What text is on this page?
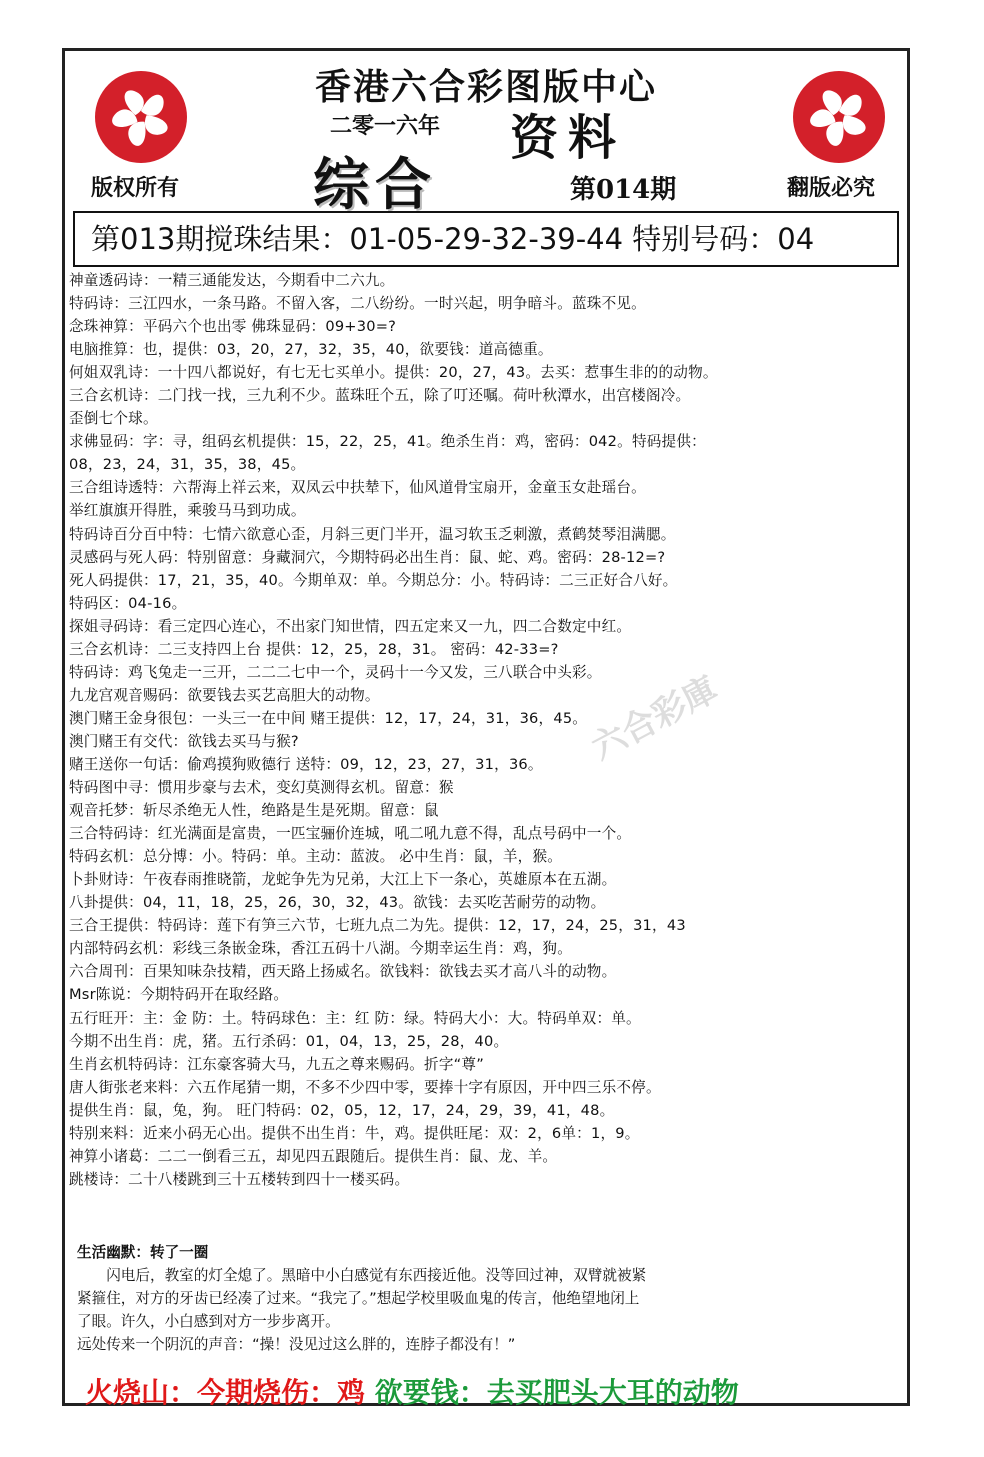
香港六合彩图版中心
二零一六年 资料
综合	第014期
版权所有	翻版必究
第013期搅珠结果：01-05-29-32-39-44 特别号码：04
神童透码诗：一精三通能发达，今期看中二六九。
特码诗：三江四水，一条马路。不留入客，二八纷纷。一时兴起，明争暗斗。蓝珠不见。
念珠神算：平码六个也出零 佛珠显码：09+30=?
电脑推算：也，提供：03，20，27，32，35，40，欲要钱：道高德重。
何姐双乳诗：一十四八都说好，有七无七买单小。提供：20，27，43。去买：惹事生非的的动物。
三合玄机诗：二门找一找，三九利不少。蓝珠旺个五，除了叮还嘱。荷叶秋潭水，出宫楼阁冷。
歪倒七个球。
求佛显码：字：寻，组码玄机提供：15，22，25，41。绝杀生肖：鸡，密码：042。特码提供：
08，23，24，31，35，38，45。
三合组诗透特：六帮海上祥云来，双凤云中扶辇下，仙风道骨宝扇开，金童玉女赴瑶台。
举红旗旗开得胜，乘骏马马到功成。
特码诗百分百中特：七情六欲意心歪，月斜三更门半开，温习软玉乏刺激，煮鹤焚琴泪满腮。
灵感码与死人码：特别留意：身藏洞穴，今期特码必出生肖：鼠、蛇、鸡。密码：28-12=?
死人码提供：17，21，35，40。今期单双：单。今期总分：小。特码诗：二三正好合八好。
特码区：04-16。
探姐寻码诗：看三定四心连心，不出家门知世情，四五定来又一九，四二合数定中红。
三合玄机诗：二三支持四上台 提供：12，25，28，31。 密码：42-33=?
特码诗：鸡飞兔走一三开，二二二七中一个，灵码十一今又发，三八联合中头彩。
九龙宫观音赐码：欲要钱去买艺高胆大的动物。
澳门赌王金身很包：一头三一在中间 赌王提供：12，17，24，31，36，45。
澳门赌王有交代：欲钱去买马与猴?
赌王送你一句话：偷鸡摸狗败德行 送特：09，12，23，27，31，36。
特码图中寻：惯用步豪与去术，变幻莫测得玄机。留意：猴
观音托梦：斩尽杀绝无人性，绝路是生是死期。留意：鼠
三合特码诗：红光满面是富贵，一匹宝骊价连城，吼二吼九意不得，乱点号码中一个。
特码玄机：总分博：小。特码：单。主动：蓝波。 必中生肖：鼠，羊，猴。
卜卦财诗：午夜春雨推晓箭，龙蛇争先为兄弟，大江上下一条心，英雄原本在五湖。
八卦提供：04，11，18，25，26，30，32，43。欲钱：去买吃苦耐劳的动物。
三合王提供：特码诗：莲下有笋三六节，七班九点二为先。提供：12，17，24，25，31，43
内部特码玄机：彩线三条嵌金珠，香江五码十八湖。今期幸运生肖：鸡，狗。
六合周刊：百果知味杂技精，西天路上扬威名。欲钱料：欲钱去买才高八斗的动物。
Msr陈说：今期特码开在取经路。
五行旺开：主：金 防：土。特码球色：主：红 防：绿。特码大小：大。特码单双：单。
今期不出生肖：虎，猪。五行杀码：01，04，13，25，28，40。
生肖玄机特码诗：江东豪客骑大马，九五之尊来赐码。折字“尊”
唐人街张老来料：六五作尾猜一期，不多不少四中零，要捧十字有原因，开中四三乐不停。
提供生肖：鼠，兔，狗。 旺门特码：02，05，12，17，24，29，39，41，48。
特别来料：近来小码无心出。提供不出生肖：牛，鸡。提供旺尾：双：2，6单：1，9。
神算小诸葛：二二一倒看三五，却见四五跟随后。提供生肖：鼠、龙、羊。
跳楼诗：二十八楼跳到三十五楼转到四十一楼买码。
生活幽默：转了一圈
　　闪电后，教室的灯全熄了。黑暗中小白感觉有东西接近他。没等回过神，双臂就被紧
紧箍住，对方的牙齿已经凑了过来。“我完了。”想起学校里吸血鬼的传言，他绝望地闭上
了眼。许久，小白感到对方一步步离开。
远处传来一个阴沉的声音：“操！没见过这么胖的，连脖子都没有！”
火烧山：今期烧伤：鸡 欲要钱：去买肥头大耳的动物
六合彩庫
